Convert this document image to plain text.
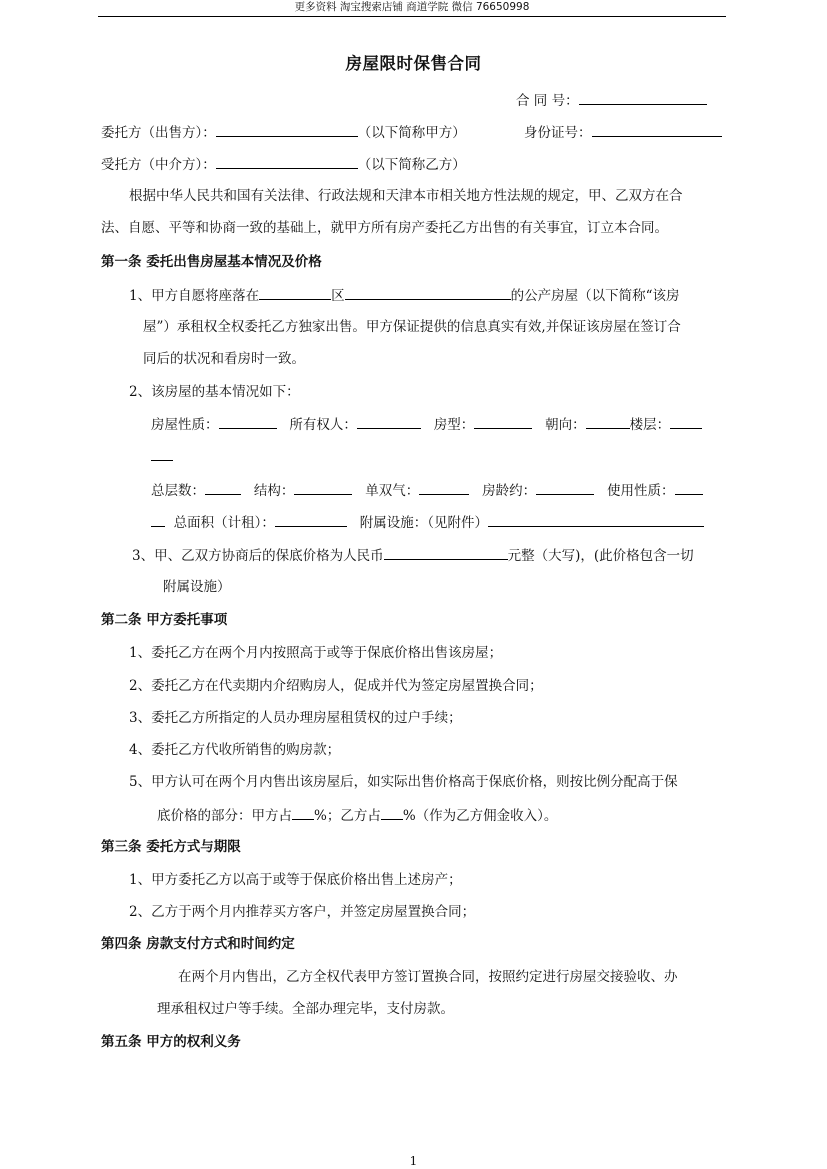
更多资料 淘宝搜索店铺 商道学院 微信 76650998
房屋限时保售合同
合 同 号：
委托方（出售方）：	（以下简称甲方）	身份证号：
受托方（中介方）：	（以下简称乙方）
根据中华人民共和国有关法律、行政法规和天津本市相关地方性法规的规定，甲、乙双方在合
法、自愿、平等和协商一致的基础上，就甲方所有房产委托乙方出售的有关事宜，订立本合同。
第一条 委托出售房屋基本情况及价格
1、甲方自愿将座落在	区	的公产房屋（以下简称“该房
屋”）承租权全权委托乙方独家出售。甲方保证提供的信息真实有效,并保证该房屋在签订合
同后的状况和看房时一致。
2、该房屋的基本情况如下：
房屋性质：	所有权人：	房型：	朝向：	楼层：
总层数：	结构：	单双气：	房龄约：	使用性质：
总面积（计租）：	附属设施：（见附件）
3、甲、乙双方协商后的保底价格为人民币	元整（大写)，(此价格包含一切
附属设施）
第二条 甲方委托事项
1、委托乙方在两个月内按照高于或等于保底价格出售该房屋；
2、委托乙方在代卖期内介绍购房人，促成并代为签定房屋置换合同；
3、委托乙方所指定的人员办理房屋租赁权的过户手续；
4、委托乙方代收所销售的购房款；
5、甲方认可在两个月内售出该房屋后，如实际出售价格高于保底价格，则按比例分配高于保
底价格的部分：甲方占 %；乙方占 %（作为乙方佣金收入）。
第三条 委托方式与期限
1、甲方委托乙方以高于或等于保底价格出售上述房产；
2、乙方于两个月内推荐买方客户，并签定房屋置换合同；
第四条 房款支付方式和时间约定
在两个月内售出，乙方全权代表甲方签订置换合同，按照约定进行房屋交接验收、办
理承租权过户等手续。全部办理完毕，支付房款。
第五条 甲方的权利义务
1
